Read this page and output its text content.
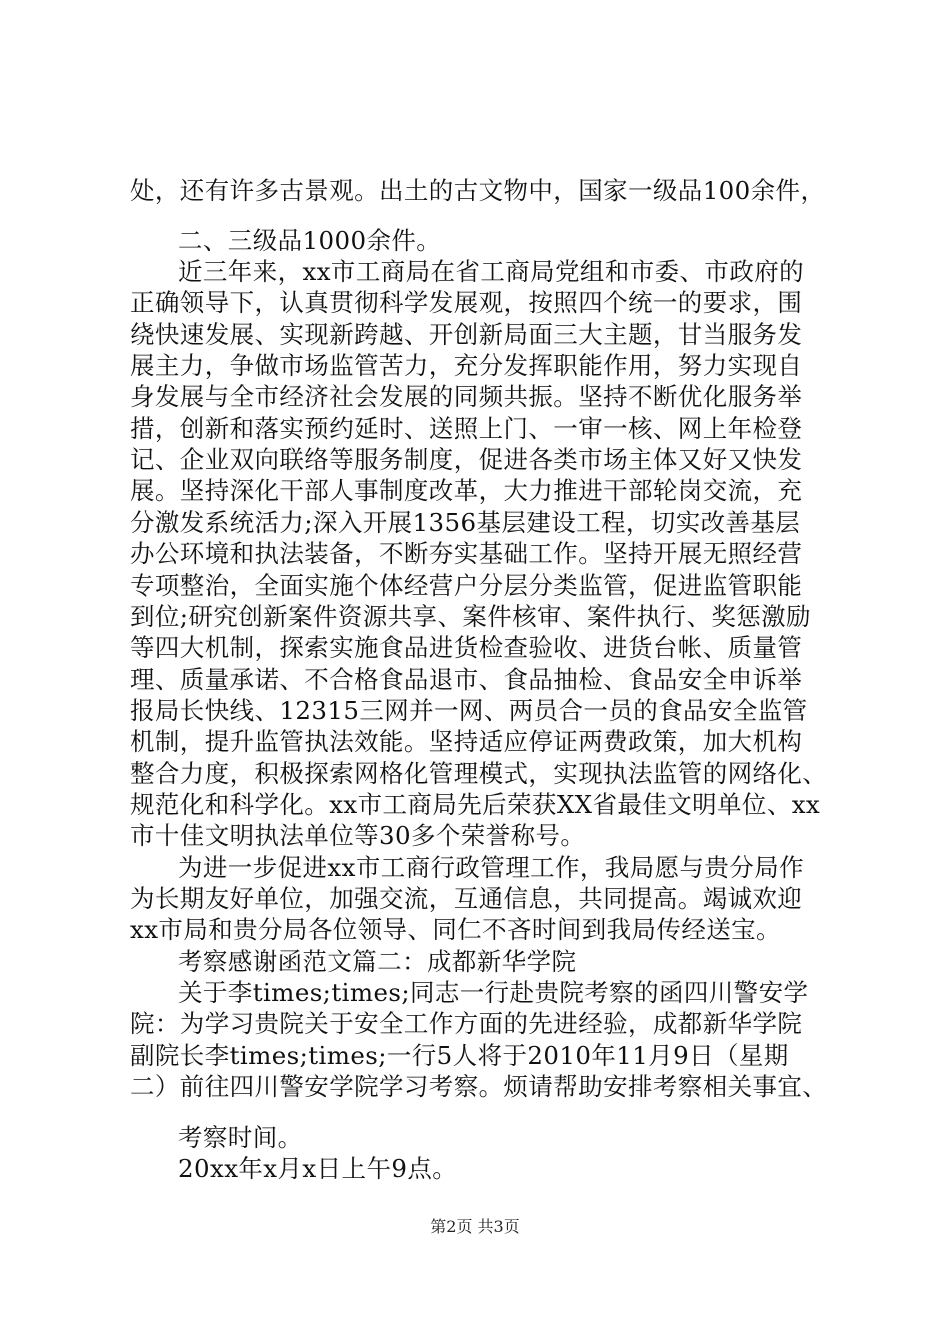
处，还有许多古景观。出土的古文物中，国家一级品100余件，
二、三级品1000余件。
近三年来，xx市工商局在省工商局党组和市委、市政府的
正确领导下，认真贯彻科学发展观，按照四个统一的要求，围
绕快速发展、实现新跨越、开创新局面三大主题，甘当服务发
展主力，争做市场监管苦力，充分发挥职能作用，努力实现自
身发展与全市经济社会发展的同频共振。坚持不断优化服务举
措，创新和落实预约延时、送照上门、一审一核、网上年检登
记、企业双向联络等服务制度，促进各类市场主体又好又快发
展。坚持深化干部人事制度改革，大力推进干部轮岗交流，充
分激发系统活力;深入开展1356基层建设工程，切实改善基层
办公环境和执法装备，不断夯实基础工作。坚持开展无照经营
专项整治，全面实施个体经营户分层分类监管，促进监管职能
到位;研究创新案件资源共享、案件核审、案件执行、奖惩激励
等四大机制，探索实施食品进货检查验收、进货台帐、质量管
理、质量承诺、不合格食品退市、食品抽检、食品安全申诉举
报局长快线、12315三网并一网、两员合一员的食品安全监管
机制，提升监管执法效能。坚持适应停证两费政策，加大机构
整合力度，积极探索网格化管理模式，实现执法监管的网络化、
规范化和科学化。xx市工商局先后荣获XX省最佳文明单位、xx
市十佳文明执法单位等30多个荣誉称号。
为进一步促进xx市工商行政管理工作，我局愿与贵分局作
为长期友好单位，加强交流，互通信息，共同提高。竭诚欢迎
xx市局和贵分局各位领导、同仁不吝时间到我局传经送宝。
考察感谢函范文篇二：成都新华学院
关于李times;times;同志一行赴贵院考察的函四川警安学
院：为学习贵院关于安全工作方面的先进经验，成都新华学院
副院长李times;times;一行5人将于2010年11月9日（星期
二）前往四川警安学院学习考察。烦请帮助安排考察相关事宜、
考察时间。
20xx年x月x日上午9点。
第2页 共3页
